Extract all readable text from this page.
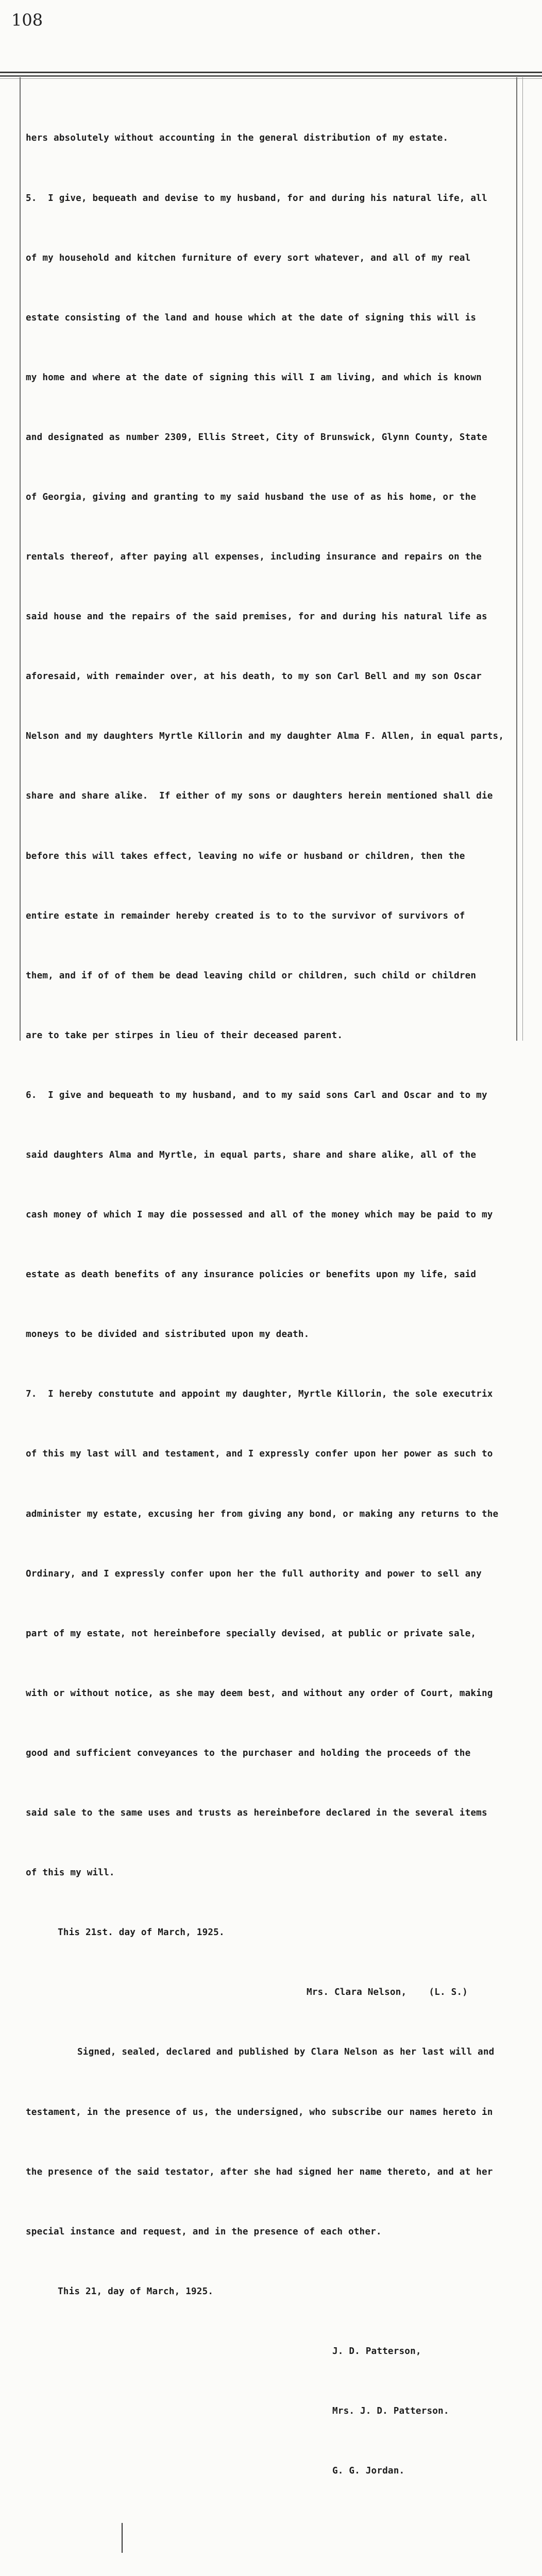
108

hers absolutely without accounting in the general distribution of my estate.

5.  I give, bequeath and devise to my husband, for and during his natural life, all

of my household and kitchen furniture of every sort whatever, and all of my real

estate consisting of the land and house which at the date of signing this will is

my home and where at the date of signing this will I am living, and which is known

and designated as number 2309, Ellis Street, City of Brunswick, Glynn County, State

of Georgia, giving and granting to my said husband the use of as his home, or the

rentals thereof, after paying all expenses, including insurance and repairs on the

said house and the repairs of the said premises, for and during his natural life as

aforesaid, with remainder over, at his death, to my son Carl Bell and my son Oscar

Nelson and my daughters Myrtle Killorin and my daughter Alma F. Allen, in equal parts,

share and share alike.  If either of my sons or daughters herein mentioned shall die

before this will takes effect, leaving no wife or husband or children, then the

entire estate in remainder hereby created is to to the survivor of survivors of

them, and if of of them be dead leaving child or children, such child or children

are to take per stirpes in lieu of their deceased parent.

6.  I give and bequeath to my husband, and to my said sons Carl and Oscar and to my

said daughters Alma and Myrtle, in equal parts, share and share alike, all of the

cash money of which I may die possessed and all of the money which may be paid to my

estate as death benefits of any insurance policies or benefits upon my life, said

moneys to be divided and sistributed upon my death.

7.  I hereby constutute and appoint my daughter, Myrtle Killorin, the sole executrix

of this my last will and testament, and I expressly confer upon her power as such to

administer my estate, excusing her from giving any bond, or making any returns to the

Ordinary, and I expressly confer upon her the full authority and power to sell any

part of my estate, not hereinbefore specially devised, at public or private sale,

with or without notice, as she may deem best, and without any order of Court, making

good and sufficient conveyances to the purchaser and holding the proceeds of the

said sale to the same uses and trusts as hereinbefore declared in the several items

of this my will.

This 21st. day of March, 1925.

Mrs. Clara Nelson,    (L. S.)

Signed, sealed, declared and published by Clara Nelson as her last will and

testament, in the presence of us, the undersigned, who subscribe our names hereto in

the presence of the said testator, after she had signed her name thereto, and at her

special instance and request, and in the presence of each other.

This 21, day of March, 1925.

J. D. Patterson,

Mrs. J. D. Patterson.

G. G. Jordan.
